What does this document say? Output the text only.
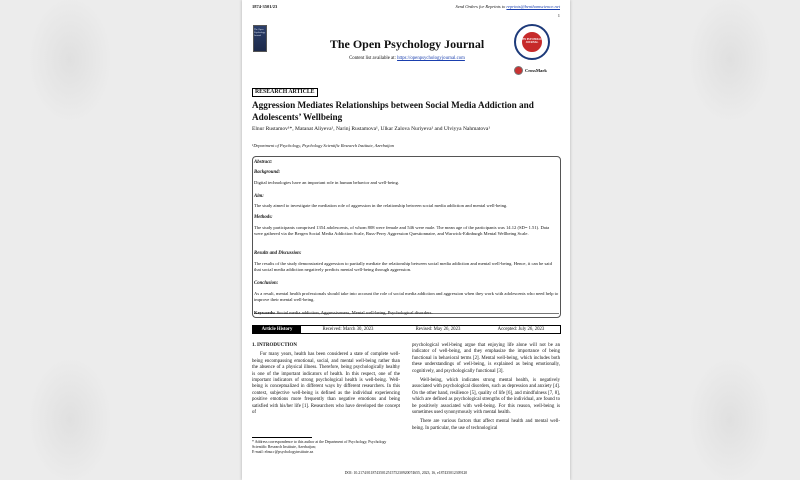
1874-3501/23	Send Orders for Reprints to reprints@benthamscience.net
1
The Open Psychology Journal
The Open Psychology Journal
Content list available at: https://openpsychologyjournal.com
OPEN PSYCHOLOGY JOURNAL
CrossMark
RESEARCH ARTICLE
Aggression Mediates Relationships between Social Media Addiction and Adolescents’ Wellbeing
Elnur Rustamov¹*, Matanat Aliyeva¹, Narinj Rustamova¹, Ulkar Zalova Nuriyeva¹ and Ulviyya Nahmatova¹
¹Department of Psychology, Psychology Scientific Research Institute, Azerbaijan
Abstract:
Background:
Digital technologies have an important role in human behavior and well-being.
Aim:
The study aimed to investigate the mediation role of aggression in the relationship between social media addiction and mental well-being.
Methods:
The study participants comprised 1354 adolescents, of whom 808 were female and 546 were male. The mean age of the participants was 14.12 (SD= 1.51). Data were gathered via the Bergen Social Media Addiction Scale, Buss-Perry Aggression Questionnaire, and Warwick-Edinburgh Mental Wellbeing Scale.
Results and Discussion:
The results of the study demonstrated aggression to partially mediate the relationship between social media addiction and mental well-being. Hence, it can be said that social media addiction negatively predicts mental well-being through aggression.
Conclusion:
As a result, mental health professionals should take into account the role of social media addiction and aggression when they work with adolescents who need help to improve their mental well-being.
Keywords: Social media addiction, Aggressiveness, Mental well-being, Psychological disorders.
Article History	Received: March 30, 2023	Revised: May 26, 2023	Accepted: July 26, 2023
1. INTRODUCTION
For many years, health has been considered a state of complete well-being encompassing emotional, social, and mental well-being rather than the absence of a physical illness. Therefore, being psychologically healthy is one of the important indicators of health. In this respect, one of the important indicators of strong psychological health is well-being. Well-being is conceptualized in different ways by different researchers. In this context, subjective well-being is defined as the individual experiencing positive emotions more frequently than negative emotions and being satisfied with his/her life [1]. Researchers who have developed the concept of
psychological well-being argue that enjoying life alone will not be an indicator of well-being, and they emphasize the importance of being functional in behavioral terms [2]. Mental well-being, which includes both these understandings of well-being, is explained as being emotionally, cognitively, and psychologically functional [3].
Well-being, which indicates strong mental health, is negatively associated with psychological disorders, such as depression and anxiety [4]. On the other hand, resilience [5], quality of life [6], and mindfulness [7, 8], which are defined as psychological strengths of the individual, are found to be positively associated with well-being. For this reason, well-being is sometimes used synonymously with mental health.
There are various factors that affect mental health and mental well-being. In particular, the use of technological
* Address correspondence to this author at the Department of Psychology, Psychology Scientific Research Institute, Azerbaijan;
E-mail: elnur.r@psychologyinstitute.az
DOI: 10.2174/0118743501251575230920074655, 2023, 16, e187435012309120
